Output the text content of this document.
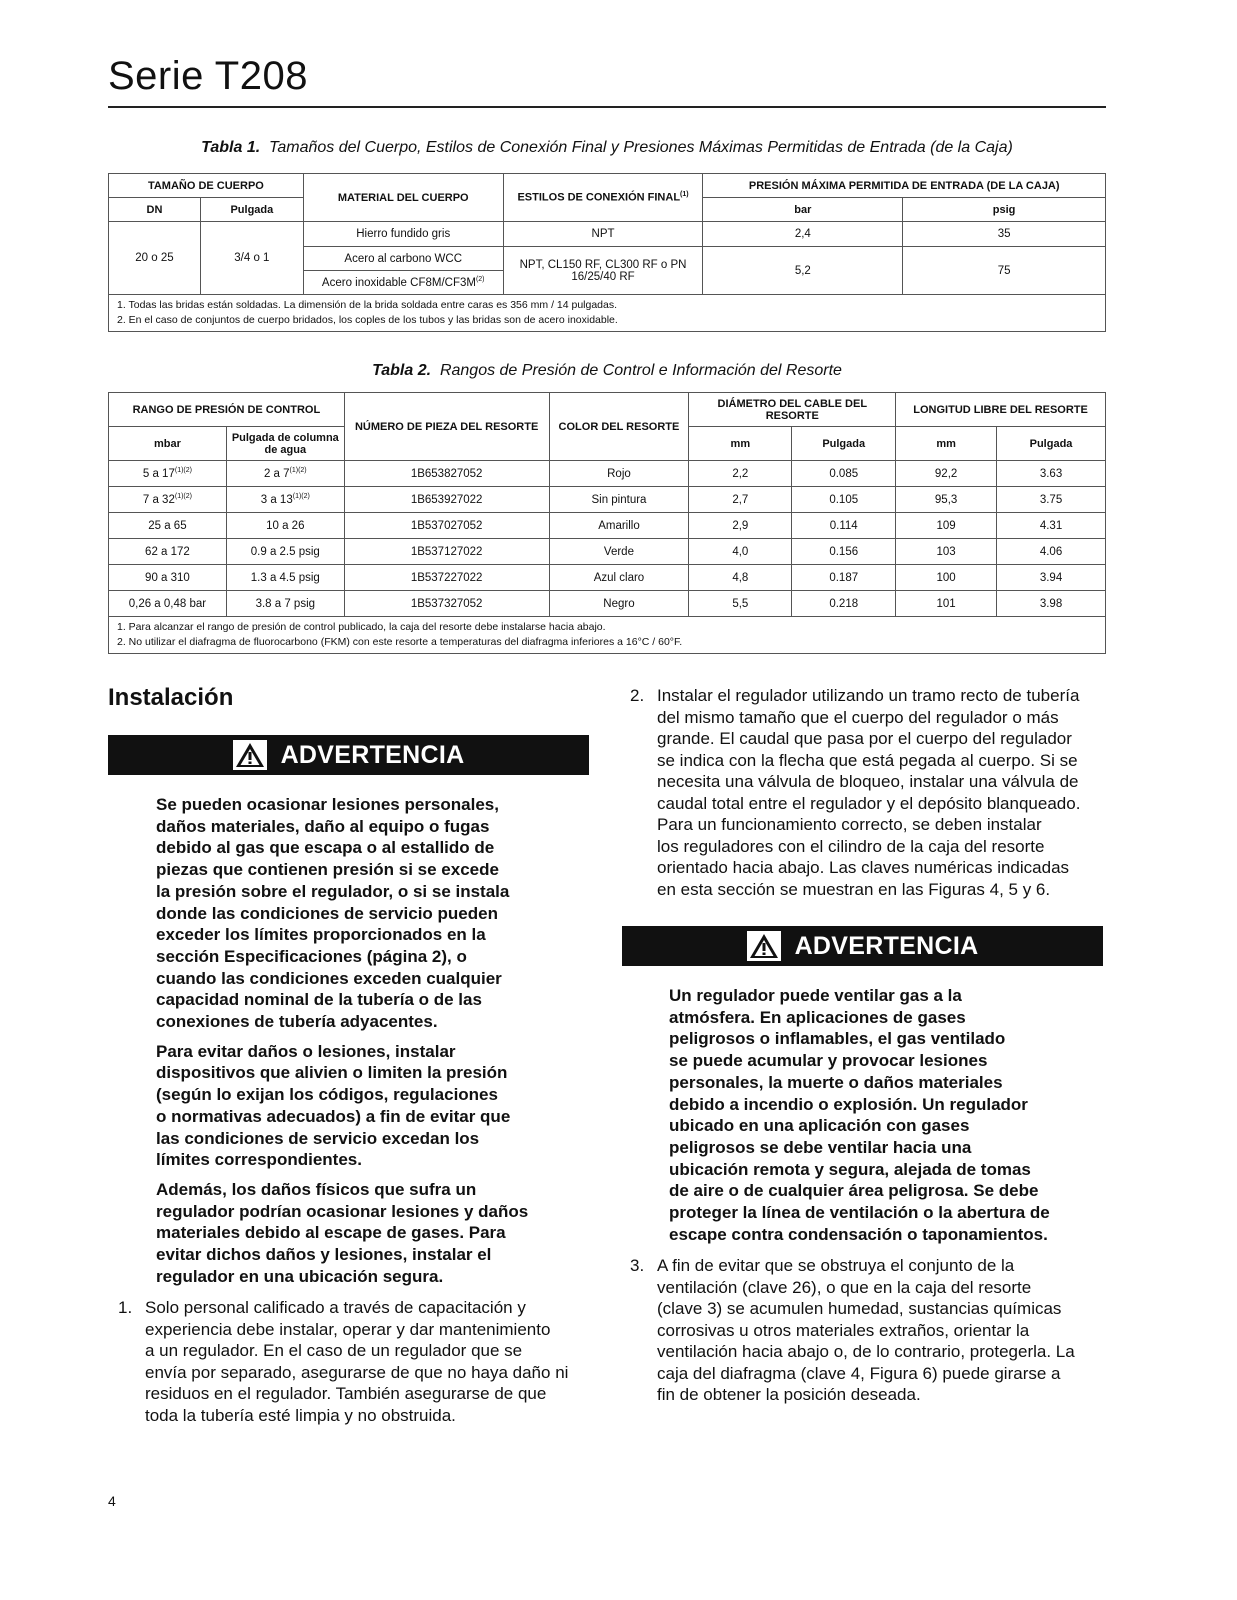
Serie T208
Tabla 1. Tamaños del Cuerpo, Estilos de Conexión Final y Presiones Máximas Permitidas de Entrada (de la Caja)
TAMAÑO DE CUERPO		MATERIAL DEL CUERPO	ESTILOS DE CONEXIÓN FINAL$^{(1)}$	PRESIÓN MÁXIMA PERMITIDA DE ENTRADA (DE LA CAJA)	
DN	Pulgada			bar	psig
20 o 25	3/4 o 1	Hierro fundido gris	NPT	2,4	35
		Acero al carbono WCC	NPT, CL150 RF, CL300 RF o PN 16/25/40 RF	5,2	75
		Acero inoxidable $CF8M/CF3M^{(2)}$

1. Todas las bridas están soldadas. La dimensión de la brida soldada entre caras es 356 mm / 14 pulgadas.
2. En el caso de conjuntos de cuerpo bridados, los coples de los tubos y las bridas son de acero inoxidable.					
Tabla 2. Rangos de Presión de Control e Información del Resorte
RANGO DE PRESIÓN DE CONTROL		NÚMERO DE PIEZA DEL RESORTE	COLOR DEL RESORTE	DIÁMETRO DEL CABLE DEL RESORTE		LONGITUD LIBRE DEL RESORTE	
mbar	Pulgada de columna de agua			mm	Pulgada	mm	Pulgada
5 a $17^{(1)(2)}$	2 a $7^{(1)(2)}$	1B653827052	Rojo	2,2	0.085	92,2	3.63
7 a $32^{(1)(2)}$	3 a $13^{(1)(2)}$	1B653927022	Sin pintura	2,7	0.105	95,3	3.75
25 a 65	10 a 26	1B537027052	Amarillo	2,9	0.114	109	4.31
62 a 172	0.9 a 2.5 psig	1B537127022	Verde	4,0	0.156	103	4.06
90 a 310	1.3 a 4.5 psig	1B537227022	Azul claro	4,8	0.187	100	3.94
0,26 a 0,48 bar	3.8 a 7 psig	1B537327052	Negro	5,5	0.218	101	3.98

1. Para alcanzar el rango de presión de control publicado, la caja del resorte debe instalarse hacia abajo.
2. No utilizar el diafragma de fluorocarbono (FKM) con este resorte a temperaturas del diafragma inferiores a 16°C / 60°F.							
Instalación
ADVERTENCIA

Se pueden ocasionar lesiones personales,
daños materiales, daño al equipo o fugas
debido al gas que escapa o al estallido de
piezas que contienen presión si se excede
la presión sobre el regulador, o si se instala
donde las condiciones de servicio pueden
exceder los límites proporcionados en la
sección Especificaciones (página 2), o
cuando las condiciones exceden cualquier
capacidad nominal de la tubería o de las
conexiones de tubería adyacentes.

Para evitar daños o lesiones, instalar
dispositivos que alivien o limiten la presión
(según lo exijan los códigos, regulaciones
o normativas adecuados) a fin de evitar que
las condiciones de servicio excedan los
límites correspondientes.

Además, los daños físicos que sufra un
regulador podrían ocasionar lesiones y daños
materiales debido al escape de gases. Para
evitar dichos daños y lesiones, instalar el
regulador en una ubicación segura.

1. Solo personal calificado a través de capacitación y
experiencia debe instalar, operar y dar mantenimiento
a un regulador. En el caso de un regulador que se
envía por separado, asegurarse de que no haya daño ni
residuos en el regulador. También asegurarse de que
toda la tubería esté limpia y no obstruida.
2. Instalar el regulador utilizando un tramo recto de tubería
del mismo tamaño que el cuerpo del regulador o más
grande. El caudal que pasa por el cuerpo del regulador
se indica con la flecha que está pegada al cuerpo. Si se
necesita una válvula de bloqueo, instalar una válvula de
caudal total entre el regulador y el depósito blanqueado.
Para un funcionamiento correcto, se deben instalar
los reguladores con el cilindro de la caja del resorte
orientado hacia abajo. Las claves numéricas indicadas
en esta sección se muestran en las Figuras 4, 5 y 6.
ADVERTENCIA
Un regulador puede ventilar gas a la
atmósfera. En aplicaciones de gases
peligrosos o inflamables, el gas ventilado
se puede acumular y provocar lesiones
personales, la muerte o daños materiales
debido a incendio o explosión. Un regulador
ubicado en una aplicación con gases
peligrosos se debe ventilar hacia una
ubicación remota y segura, alejada de tomas
de aire o de cualquier área peligrosa. Se debe
proteger la línea de ventilación o la abertura de
escape contra condensación o taponamientos.
3. A fin de evitar que se obstruya el conjunto de la
ventilación (clave 26), o que en la caja del resorte
(clave 3) se acumulen humedad, sustancias químicas
corrosivas u otros materiales extraños, orientar la
ventilación hacia abajo o, de lo contrario, protegerla. La
caja del diafragma (clave 4, Figura 6) puede girarse a
fin de obtener la posición deseada.
4
